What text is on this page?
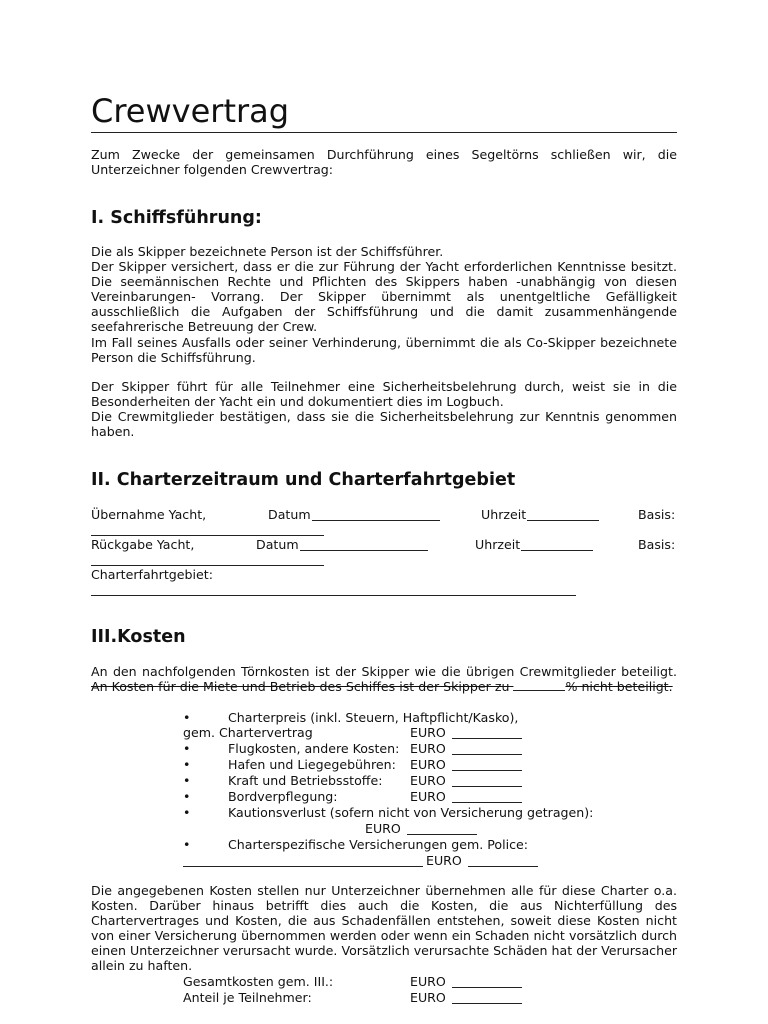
Crewvertrag

Zum Zwecke der gemeinsamen Durchführung eines Segeltörns schließen wir, die Unterzeichner folgenden Crewvertrag:

I. Schiffsführung:

Die als Skipper bezeichnete Person ist der Schiffsführer.

Der Skipper versichert, dass er die zur Führung der Yacht erforderlichen Kenntnisse besitzt. Die seemännischen Rechte und Pflichten des Skippers haben -unabhängig von diesen Vereinbarungen- Vorrang. Der Skipper übernimmt als unentgeltliche Gefälligkeit ausschließlich die Aufgaben der Schiffsführung und die damit zusammenhängende seefahrerische Betreuung der Crew.

Im Fall seines Ausfalls oder seiner Verhinderung, übernimmt die als Co-Skipper bezeichnete Person die Schiffsführung.

Der Skipper führt für alle Teilnehmer eine Sicherheitsbelehrung durch, weist sie in die Besonderheiten der Yacht ein und dokumentiert dies im Logbuch.

Die Crewmitglieder bestätigen, dass sie die Sicherheitsbelehrung zur Kenntnis genommen haben.

II. Charterzeitraum und Charterfahrtgebiet
Übernahme Yacht,	Datum	Uhrzeit	Basis:
Rückgabe Yacht,	Datum	Uhrzeit	Basis:
Charterfahrtgebiet:
III.Kosten

An den nachfolgenden Törnkosten ist der Skipper wie die übrigen Crewmitglieder beteiligt. An Kosten für die Miete und Betrieb des Schiffes ist der Skipper zu	% nicht beteiligt.

•	Charterpreis (inkl. Steuern, Haftpflicht/Kasko),
gem. Chartervertrag	EURO
•	Flugkosten, andere Kosten: EURO
•	Hafen und Liegegebühren: EURO
•	Kraft und Betriebsstoffe: EURO
•	Bordverpflegung:	EURO
•	Kautionsverlust (sofern nicht von Versicherung getragen):
EURO
•	Charterspezifische Versicherungen gem. Police:
EURO

Die angegebenen Kosten stellen nur Unterzeichner übernehmen alle für diese Charter o.a. Kosten. Darüber hinaus betrifft dies auch die Kosten, die aus Nichterfüllung des Chartervertrages und Kosten, die aus Schadenfällen entstehen, soweit diese Kosten nicht von einer Versicherung übernommen werden oder wenn ein Schaden nicht vorsätzlich durch einen Unterzeichner verursacht wurde. Vorsätzlich verursachte Schäden hat der Verursacher allein zu haften.

Gesamtkosten gem. III.:	EURO
Anteil je Teilnehmer:	EURO
